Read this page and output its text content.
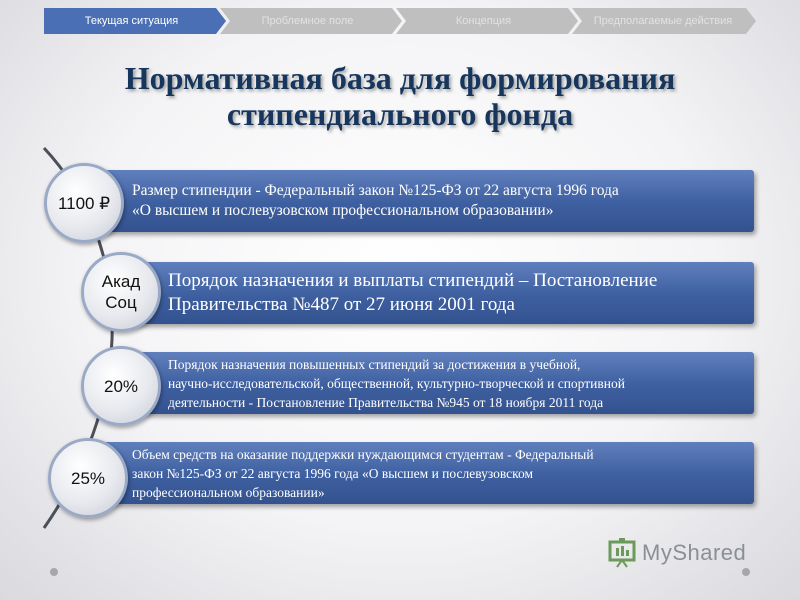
Текущая ситуация	Проблемное поле	Концепция	Предполагаемые действия
Нормативная база для формирования
стипендиального фонда
Размер стипендии - Федеральный закон №125-ФЗ от 22 августа 1996 года
«О высшем и послевузовском профессиональном образовании»
Порядок назначения и выплаты стипендий – Постановление
Правительства №487 от 27 июня 2001 года
Порядок назначения повышенных стипендий за достижения в учебной,
научно-исследовательской, общественной, культурно-творческой и спортивной
деятельности - Постановление Правительства №945 от 18 ноября 2011 года
Объем средств на оказание поддержки нуждающимся студентам - Федеральный
закон №125-ФЗ от 22 августа 1996 года «О высшем и послевузовском
профессиональном образовании»
1100 ₽
Акад
Соц
20%
25%
MyShared
